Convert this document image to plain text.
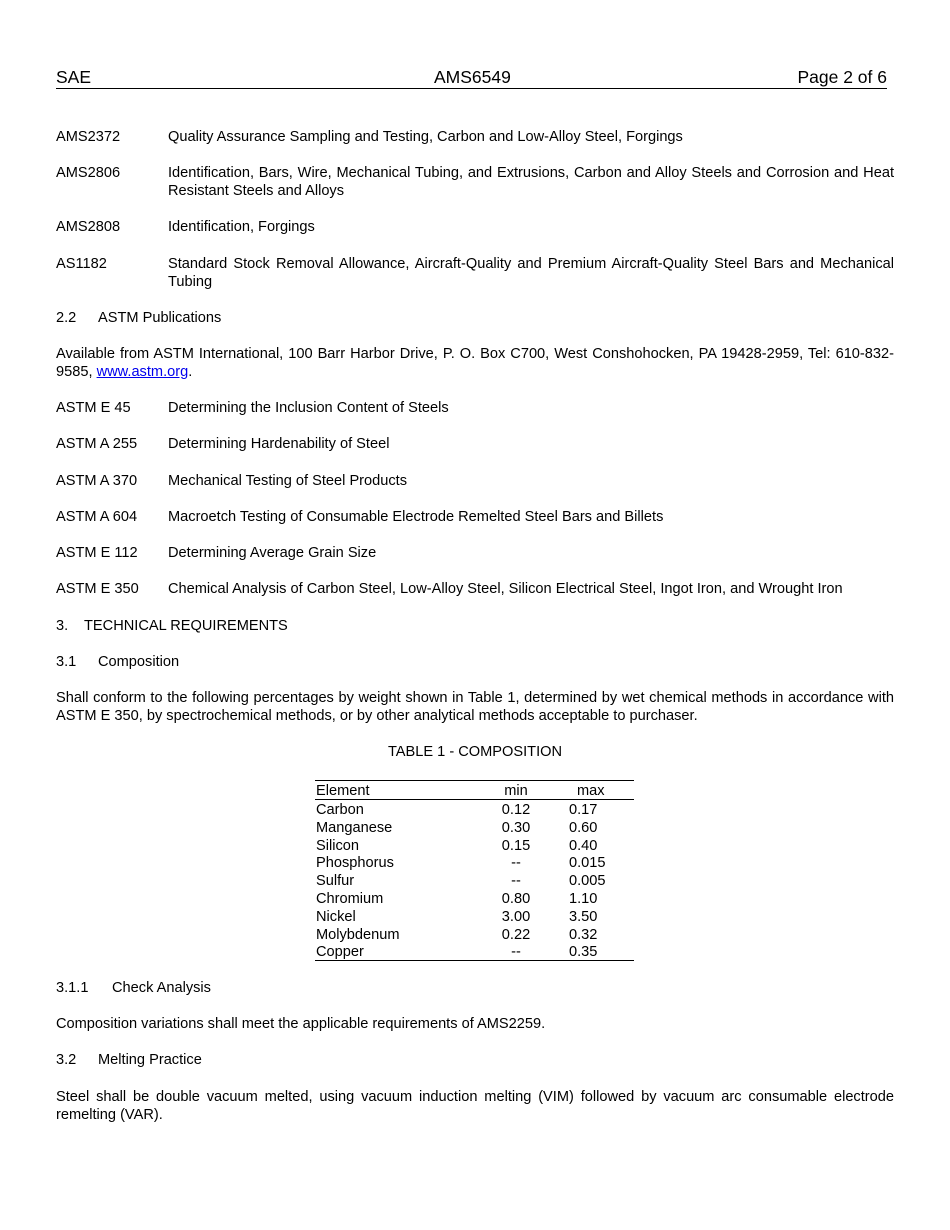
SAE	AMS6549	Page 2 of 6
AMS2372	Quality Assurance Sampling and Testing, Carbon and Low-Alloy Steel, Forgings
AMS2806	Identification, Bars, Wire, Mechanical Tubing, and Extrusions, Carbon and Alloy Steels and Corrosion and Heat Resistant Steels and Alloys
AMS2808	Identification, Forgings
AS1182	Standard Stock Removal Allowance, Aircraft-Quality and Premium Aircraft-Quality Steel Bars and Mechanical Tubing
2.2 ASTM Publications
Available from ASTM International, 100 Barr Harbor Drive, P. O. Box C700, West Conshohocken, PA 19428-2959, Tel: 610-832-9585, www.astm.org.
ASTM E 45	Determining the Inclusion Content of Steels
ASTM A 255 Determining Hardenability of Steel
ASTM A 370 Mechanical Testing of Steel Products
ASTM A 604 Macroetch Testing of Consumable Electrode Remelted Steel Bars and Billets
ASTM E 112 Determining Average Grain Size
ASTM E 350 Chemical Analysis of Carbon Steel, Low-Alloy Steel, Silicon Electrical Steel, Ingot Iron, and Wrought Iron
3. TECHNICAL REQUIREMENTS
3.1 Composition
Shall conform to the following percentages by weight shown in Table 1, determined by wet chemical methods in accordance with ASTM E 350, by spectrochemical methods, or by other analytical methods acceptable to purchaser.
TABLE 1 - COMPOSITION
Element	min	max
Carbon	0.12	0.17
Manganese	0.30	0.60
Silicon	0.15	0.40
Phosphorus	--	0.015
Sulfur	--	0.005
Chromium	0.80	1.10
Nickel	3.00	3.50
Molybdenum	0.22	0.32
Copper	--	0.35
3.1.1 Check Analysis
Composition variations shall meet the applicable requirements of AMS2259.
3.2 Melting Practice
Steel shall be double vacuum melted, using vacuum induction melting (VIM) followed by vacuum arc consumable electrode remelting (VAR).
